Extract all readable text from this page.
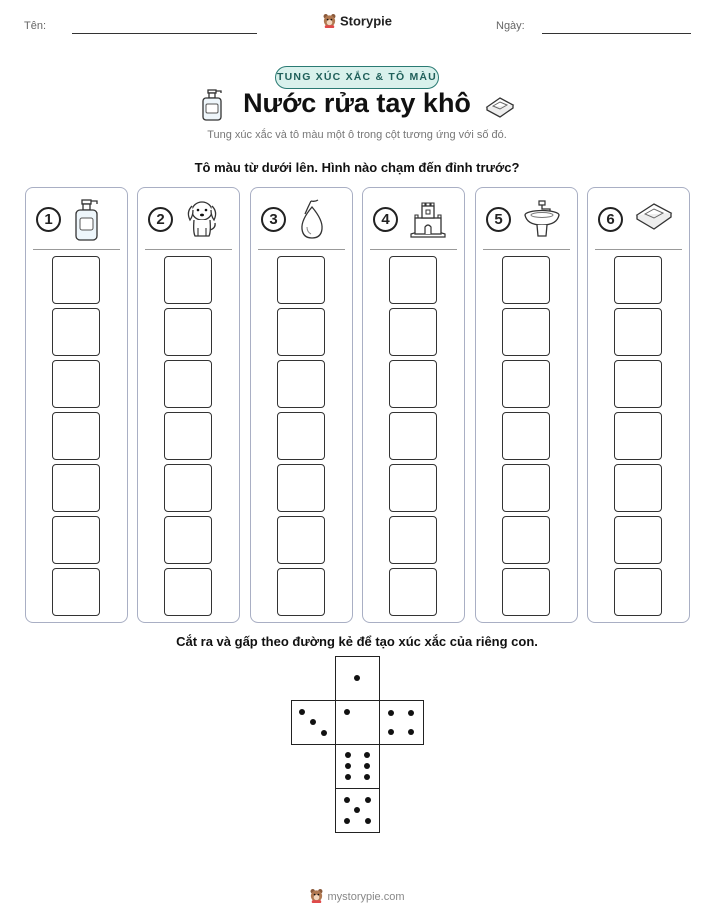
Tên:	Storypie	Ngày:
TUNG XÚC XẮC & TÔ MÀU
Nước rửa tay khô
Tung xúc xắc và tô màu một ô trong cột tương ứng với số đó.
Tô màu từ dưới lên. Hình nào chạm đến đỉnh trước?
1	2	3	4	5	6
Cắt ra và gấp theo đường kẻ để tạo xúc xắc của riêng con.
mystorypie.com
